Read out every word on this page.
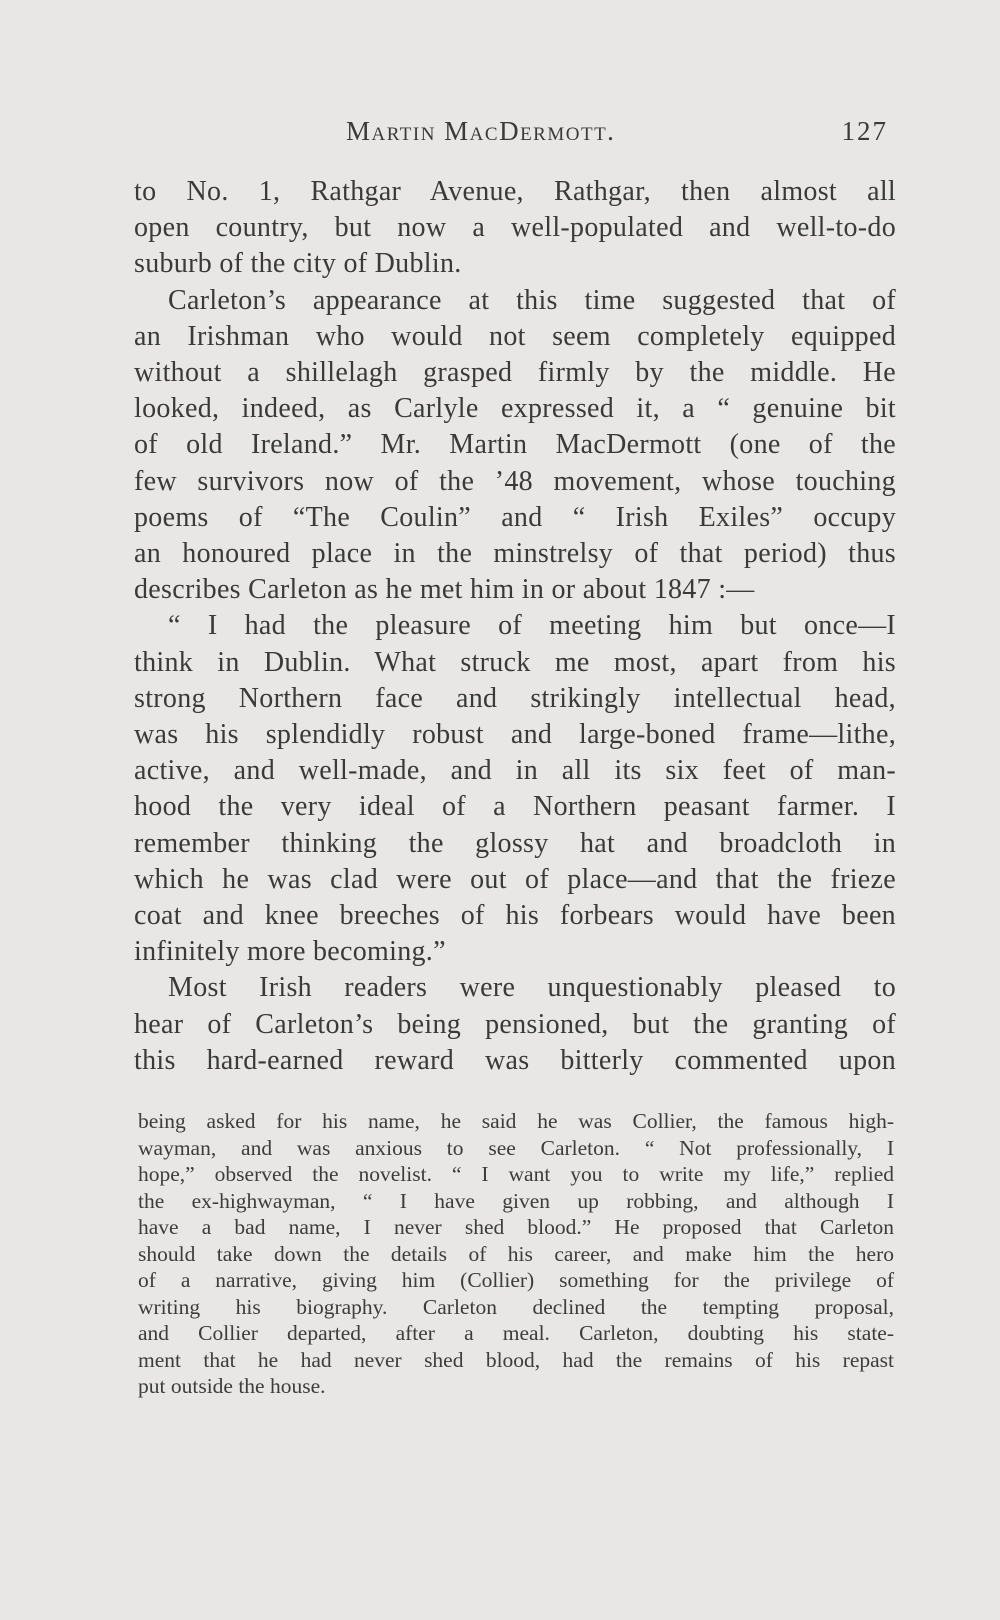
Martin MacDermott.	127

to No. 1, Rathgar Avenue, Rathgar, then almost all
open country, but now a well-populated and well-to-do
suburb of the city of Dublin.

Carleton’s appearance at this time suggested that of
an Irishman who would not seem completely equipped
without a shillelagh grasped firmly by the middle. He
looked, indeed, as Carlyle expressed it, a “ genuine bit
of old Ireland.” Mr. Martin MacDermott (one of the
few survivors now of the ’48 movement, whose touching
poems of “The Coulin” and “ Irish Exiles” occupy
an honoured place in the minstrelsy of that period) thus
describes Carleton as he met him in or about 1847 :—

“ I had the pleasure of meeting him but once—I
think in Dublin. What struck me most, apart from his
strong Northern face and strikingly intellectual head,
was his splendidly robust and large-boned frame—lithe,
active, and well-made, and in all its six feet of man-
hood the very ideal of a Northern peasant farmer. I
remember thinking the glossy hat and broadcloth in
which he was clad were out of place—and that the frieze
coat and knee breeches of his forbears would have been
infinitely more becoming.”

Most Irish readers were unquestionably pleased to
hear of Carleton’s being pensioned, but the granting of
this hard-earned reward was bitterly commented upon

being asked for his name, he said he was Collier, the famous high-
wayman, and was anxious to see Carleton. “ Not professionally, I
hope,” observed the novelist. “ I want you to write my life,” replied
the ex-highwayman, “ I have given up robbing, and although I
have a bad name, I never shed blood.” He proposed that Carleton
should take down the details of his career, and make him the hero
of a narrative, giving him (Collier) something for the privilege of
writing his biography. Carleton declined the tempting proposal,
and Collier departed, after a meal. Carleton, doubting his state-
ment that he had never shed blood, had the remains of his repast
put outside the house.
